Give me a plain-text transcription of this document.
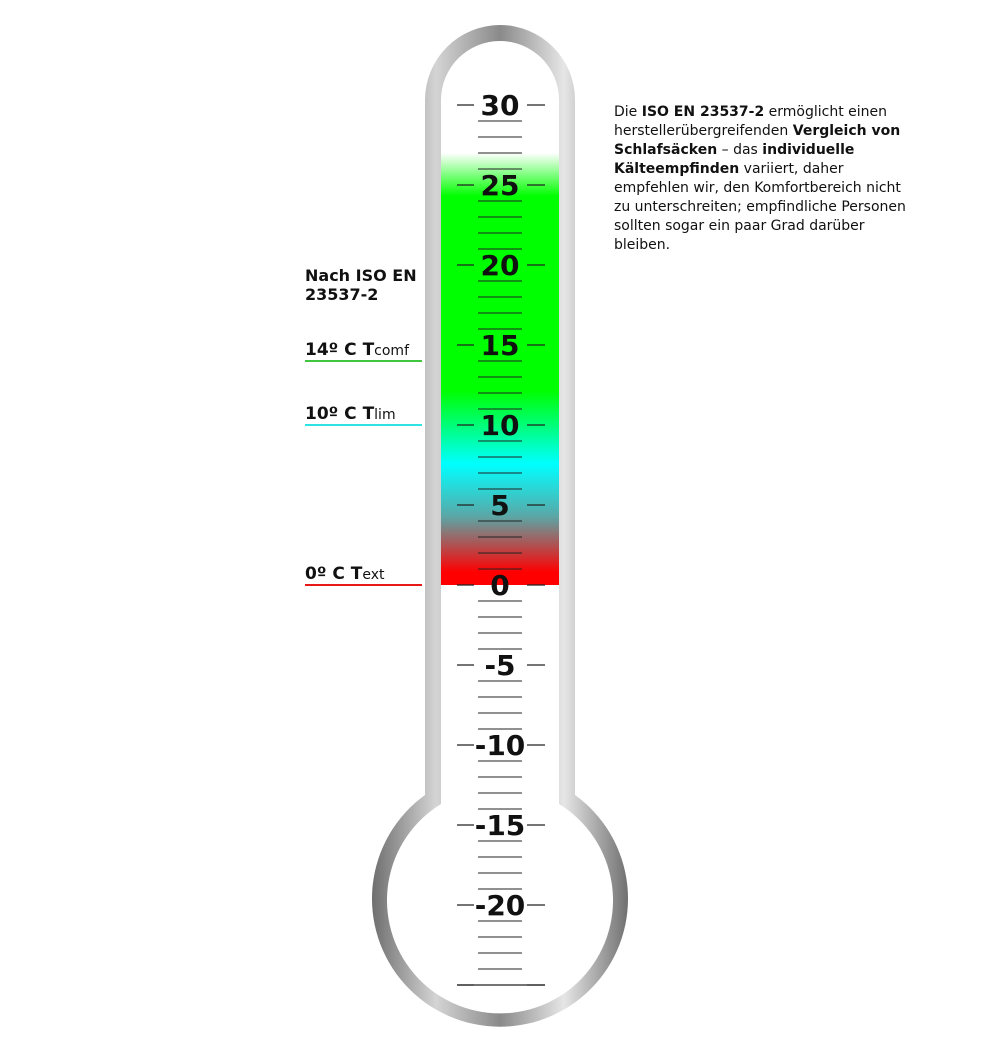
30
25
20
15
10
5
0
-5
-10
-15
-20
Nach ISO EN 23537-2
14º C Tcomf
10º C Tlim
0º C Text
Die ISO EN 23537-2 ermöglicht einen herstellerübergreifenden Vergleich von Schlafsäcken – das individuelle Kälteempfinden variiert, daher empfehlen wir, den Komfortbereich nicht zu unterschreiten; empfindliche Personen sollten sogar ein paar Grad darüber bleiben.
